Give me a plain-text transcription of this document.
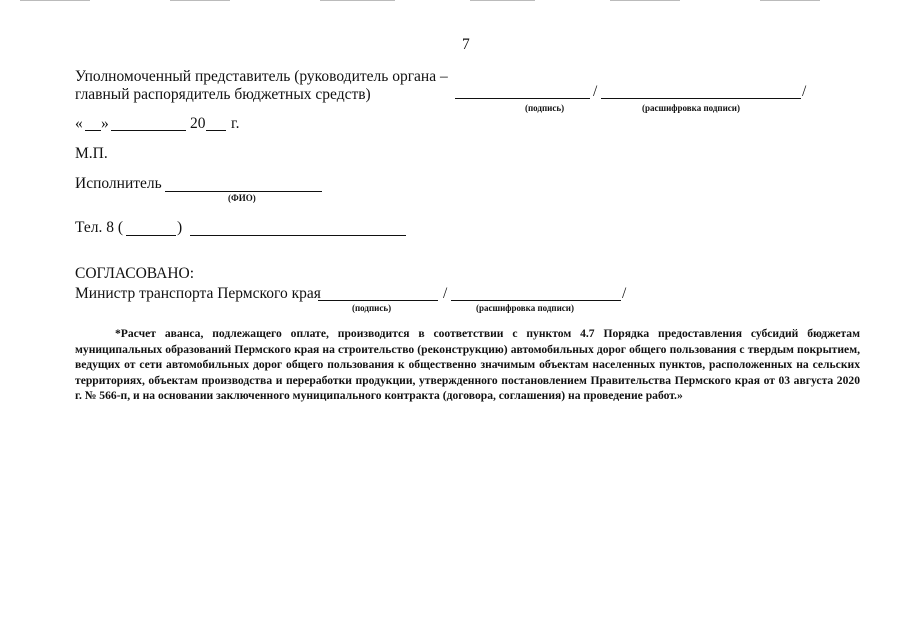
7
Уполномоченный представитель (руководитель органа –
главный распорядитель бюджетных средств)	/	/
(подпись)	(расшифровка подписи)
« »	20 г.
М.П.
Исполнитель
(ФИО)
Тел. 8 (	)
СОГЛАСОВАНО:
Министр транспорта Пермского края	/	/
(подпись)	(расшифровка подписи)
*Расчет аванса, подлежащего оплате, производится в соответствии с пунктом 4.7 Порядка предоставления субсидий бюджетам муниципальных образований Пермского края на строительство (реконструкцию) автомобильных дорог общего пользования с твердым покрытием, ведущих от сети автомобильных дорог общего пользования к общественно значимым объектам населенных пунктов, расположенных на сельских территориях, объектам производства и переработки продукции, утвержденного постановлением Правительства Пермского края от 03 августа 2020 г. № 566-п, и на основании заключенного муниципального контракта (договора, соглашения) на проведение работ.»
